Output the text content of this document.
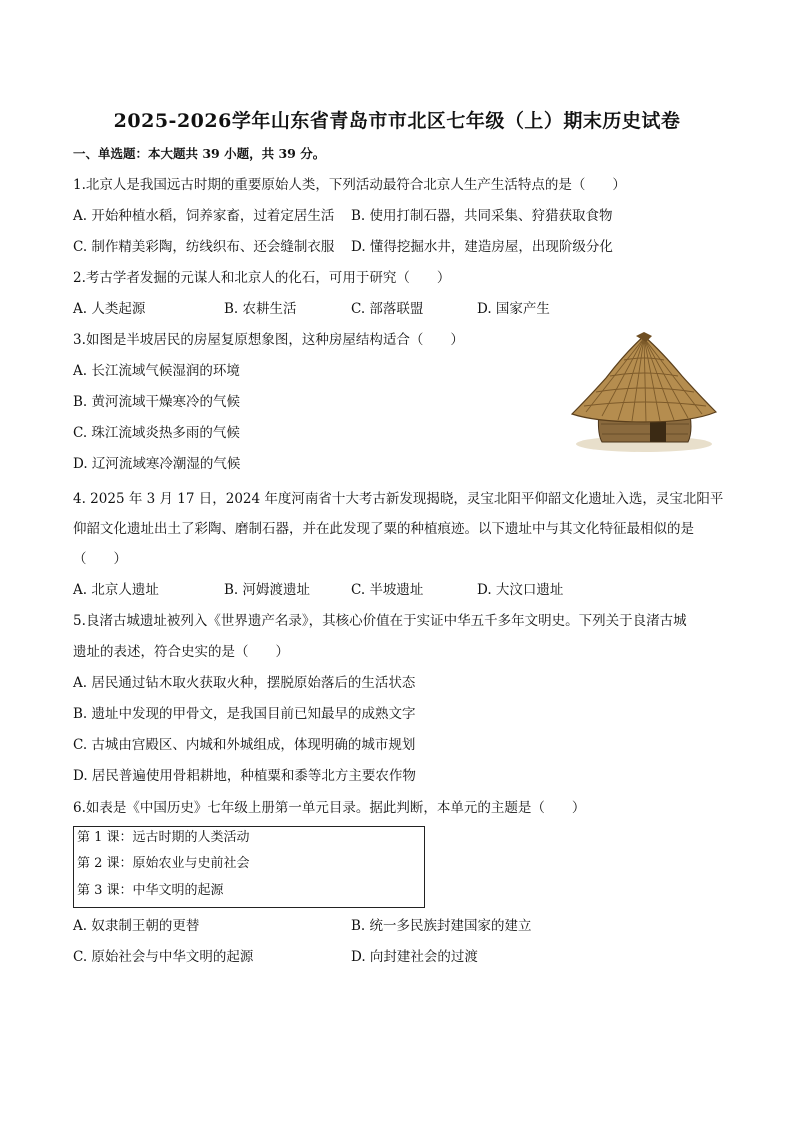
2025-2026学年山东省青岛市市北区七年级（上）期末历史试卷
一、单选题：本大题共 39 小题，共 39 分。
1.北京人是我国远古时期的重要原始人类，下列活动最符合北京人生产生活特点的是（　　）
A. 开始种植水稻，饲养家畜，过着定居生活 B. 使用打制石器，共同采集、狩猎获取食物
C. 制作精美彩陶，纺线织布、还会缝制衣服 D. 懂得挖掘水井，建造房屋，出现阶级分化
2.考古学者发掘的元谋人和北京人的化石，可用于研究（　　）
A. 人类起源	B. 农耕生活	C. 部落联盟	D. 国家产生
3.如图是半坡居民的房屋复原想象图，这种房屋结构适合（　　）
A. 长江流域气候湿润的环境
B. 黄河流域干燥寒冷的气候
C. 珠江流域炎热多雨的气候
D. 辽河流域寒冷潮湿的气候
4. 2025 年 3 月 17 日，2024 年度河南省十大考古新发现揭晓，灵宝北阳平仰韶文化遗址入选，灵宝北阳平
仰韶文化遗址出土了彩陶、磨制石器，并在此发现了粟的种植痕迹。以下遗址中与其文化特征最相似的是
（　　）
A. 北京人遗址	B. 河姆渡遗址	C. 半坡遗址	D. 大汶口遗址
5.良渚古城遗址被列入《世界遗产名录》，其核心价值在于实证中华五千多年文明史。下列关于良渚古城
遗址的表述，符合史实的是（　　）
A. 居民通过钻木取火获取火种，摆脱原始落后的生活状态
B. 遗址中发现的甲骨文，是我国目前已知最早的成熟文字
C. 古城由宫殿区、内城和外城组成，体现明确的城市规划
D. 居民普遍使用骨耜耕地，种植粟和黍等北方主要农作物
6.如表是《中国历史》七年级上册第一单元目录。据此判断，本单元的主题是（　　）
第 1 课：远古时期的人类活动
第 2 课：原始农业与史前社会
第 3 课：中华文明的起源
A. 奴隶制王朝的更替	B. 统一多民族封建国家的建立
C. 原始社会与中华文明的起源	D. 向封建社会的过渡
